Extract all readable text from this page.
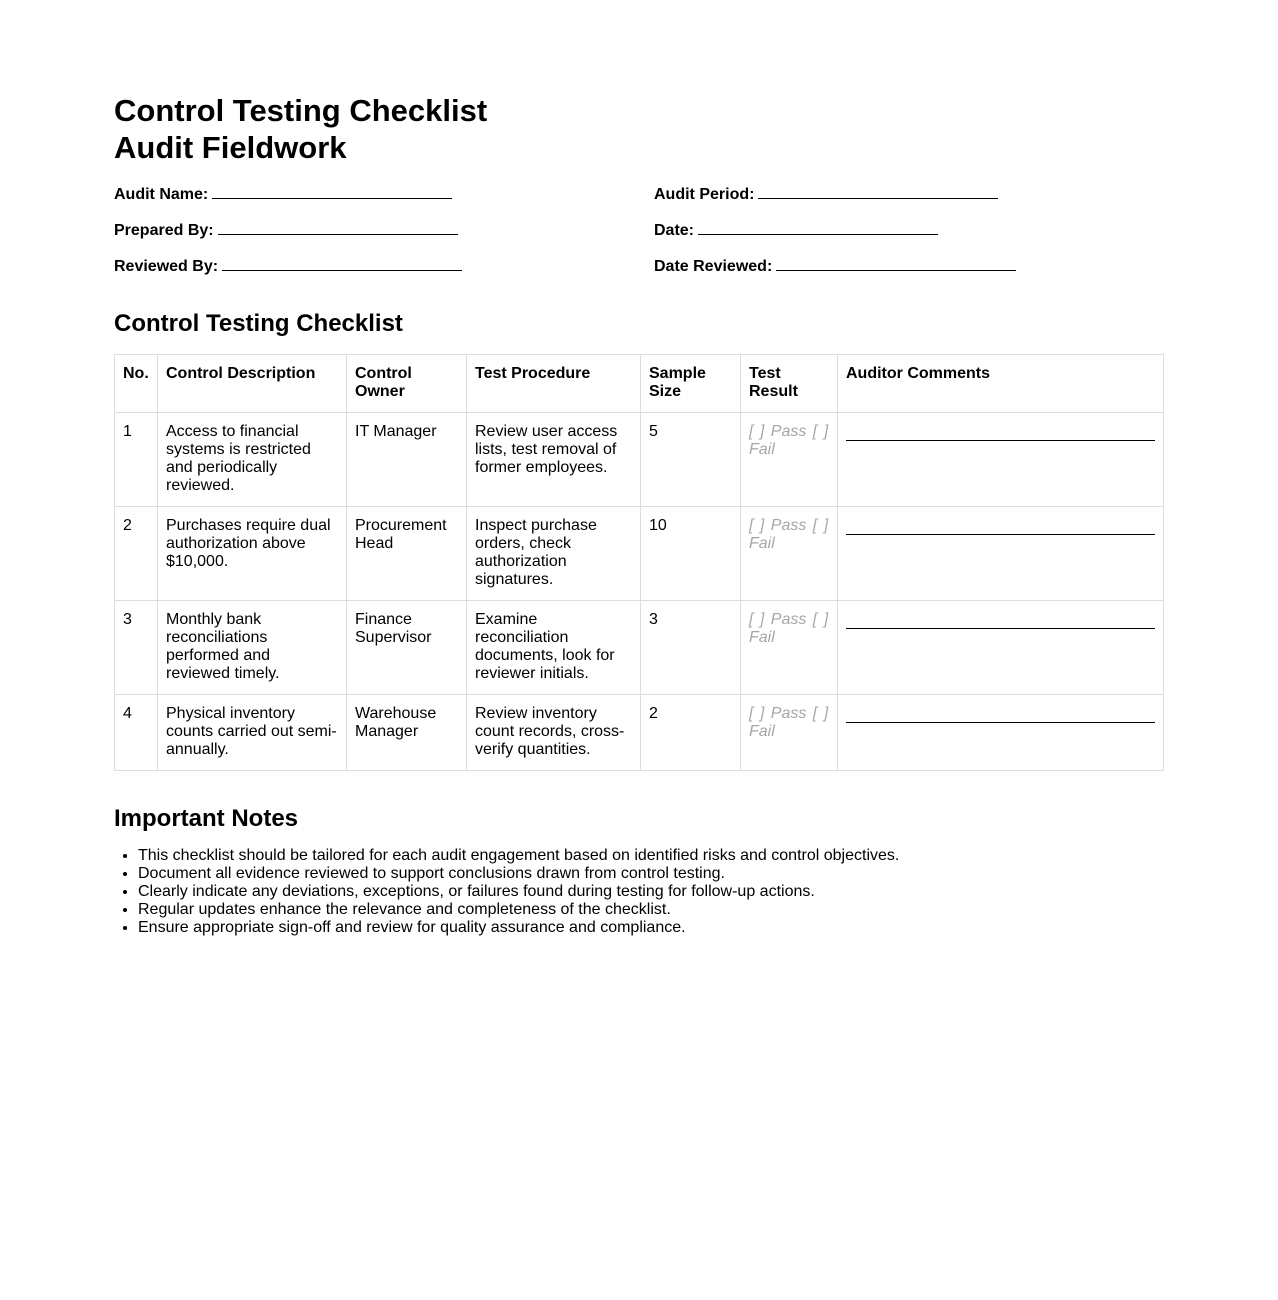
Control Testing Checklist
Audit Fieldwork
Audit Name:	Audit Period:
Prepared By:	Date:
Reviewed By:	Date Reviewed:
Control Testing Checklist
No.	Control Description	Control Owner	Test Procedure	Sample Size	Test Result	Auditor Comments
1	Access to financial systems is restricted and periodically reviewed.	IT Manager	Review user access lists, test removal of former employees.	5	[ ] Pass [ ] Fail	

2	Purchases require dual authorization above $10,000.	Procurement Head	Inspect purchase orders, check authorization signatures.	10	[ ] Pass [ ] Fail	

3	Monthly bank reconciliations performed and reviewed timely.	Finance Supervisor	Examine reconciliation documents, look for reviewer initials.	3	[ ] Pass [ ] Fail	

4	Physical inventory counts carried out semi-annually.	Warehouse Manager	Review inventory count records, cross-verify quantities.	2	[ ] Pass [ ] Fail	
Important Notes
• This checklist should be tailored for each audit engagement based on identified risks and control objectives.
• Document all evidence reviewed to support conclusions drawn from control testing.
• Clearly indicate any deviations, exceptions, or failures found during testing for follow-up actions.
• Regular updates enhance the relevance and completeness of the checklist.
• Ensure appropriate sign-off and review for quality assurance and compliance.
